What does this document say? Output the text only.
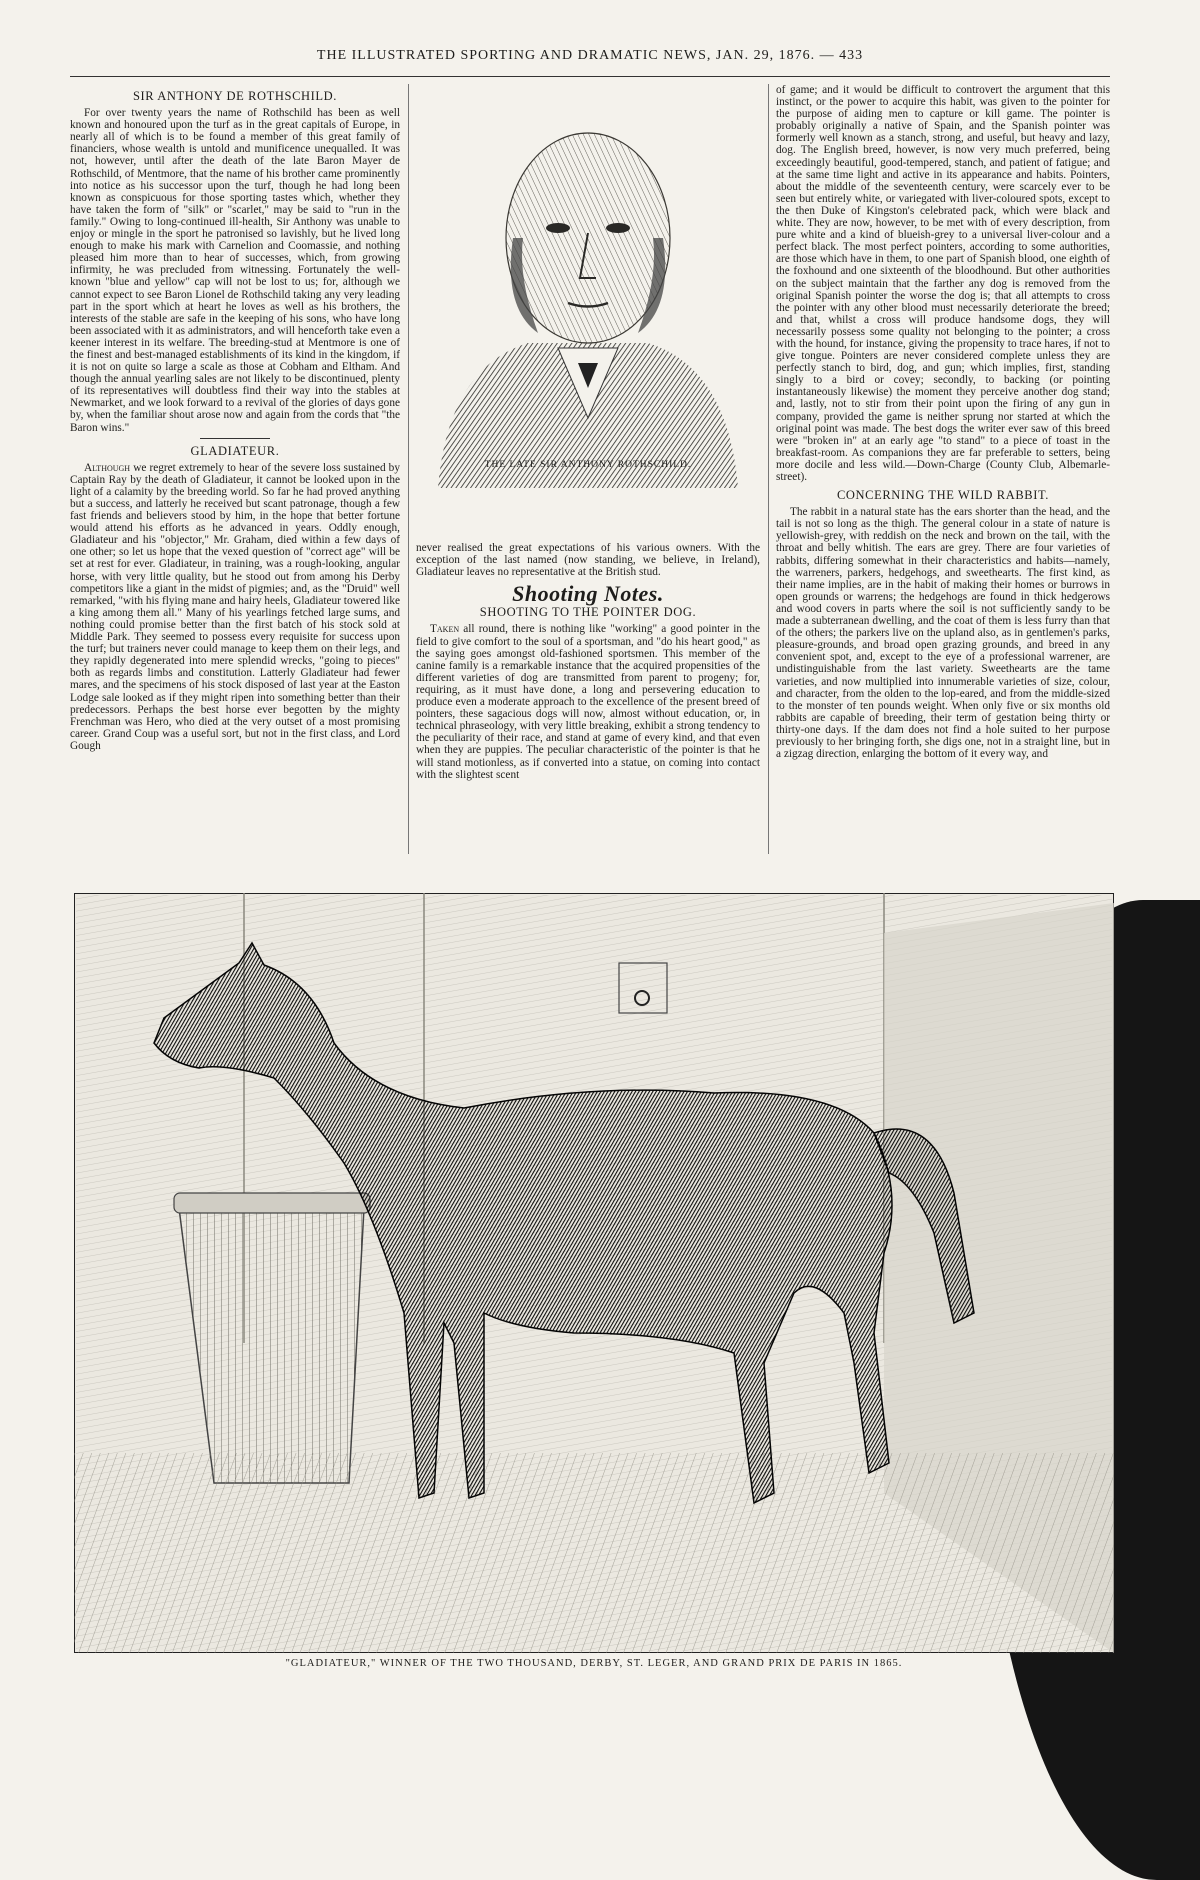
THE ILLUSTRATED SPORTING AND DRAMATIC NEWS, JAN. 29, 1876. — 433
SIR ANTHONY DE ROTHSCHILD.

For over twenty years the name of Rothschild has been as well known and honoured upon the turf as in the great capitals of Europe, in nearly all of which is to be found a member of this great family of financiers, whose wealth is untold and munificence unequalled. It was not, however, until after the death of the late Baron Mayer de Rothschild, of Mentmore, that the name of his brother came prominently into notice as his successor upon the turf, though he had long been known as conspicuous for those sporting tastes which, whether they have taken the form of "silk" or "scarlet," may be said to "run in the family." Owing to long-continued ill-health, Sir Anthony was unable to enjoy or mingle in the sport he patronised so lavishly, but he lived long enough to make his mark with Carnelion and Coomassie, and nothing pleased him more than to hear of successes, which, from growing infirmity, he was precluded from witnessing. Fortunately the well-known "blue and yellow" cap will not be lost to us; for, although we cannot expect to see Baron Lionel de Rothschild taking any very leading part in the sport which at heart he loves as well as his brothers, the interests of the stable are safe in the keeping of his sons, who have long been associated with it as administrators, and will henceforth take even a keener interest in its welfare. The breeding-stud at Mentmore is one of the finest and best-managed establishments of its kind in the kingdom, if it is not on quite so large a scale as those at Cobham and Eltham. And though the annual yearling sales are not likely to be discontinued, plenty of its representatives will doubtless find their way into the stables at Newmarket, and we look forward to a revival of the glories of days gone by, when the familiar shout arose now and again from the cords that "the Baron wins."

GLADIATEUR.

Although we regret extremely to hear of the severe loss sustained by Captain Ray by the death of Gladiateur, it cannot be looked upon in the light of a calamity by the breeding world. So far he had proved anything but a success, and latterly he received but scant patronage, though a few fast friends and believers stood by him, in the hope that better fortune would attend his efforts as he advanced in years. Oddly enough, Gladiateur and his "objector," Mr. Graham, died within a few days of one other; so let us hope that the vexed question of "correct age" will be set at rest for ever. Gladiateur, in training, was a rough-looking, angular horse, with very little quality, but he stood out from among his Derby competitors like a giant in the midst of pigmies; and, as the "Druid" well remarked, "with his flying mane and hairy heels, Gladiateur towered like a king among them all." Many of his yearlings fetched large sums, and nothing could promise better than the first batch of his stock sold at Middle Park. They seemed to possess every requisite for success upon the turf; but trainers never could manage to keep them on their legs, and they rapidly degenerated into mere splendid wrecks, "going to pieces" both as regards limbs and constitution. Latterly Gladiateur had fewer mares, and the specimens of his stock disposed of last year at the Easton Lodge sale looked as if they might ripen into something better than their predecessors. Perhaps the best horse ever begotten by the mighty Frenchman was Hero, who died at the very outset of a most promising career. Grand Coup was a useful sort, but not in the first class, and Lord Gough

THE LATE SIR ANTHONY ROTHSCHILD.

never realised the great expectations of his various owners. With the exception of the last named (now standing, we believe, in Ireland), Gladiateur leaves no representative at the British stud.

Shooting Notes.
SHOOTING TO THE POINTER DOG.

Taken all round, there is nothing like "working" a good pointer in the field to give comfort to the soul of a sportsman, and "do his heart good," as the saying goes amongst old-fashioned sportsmen. This member of the canine family is a remarkable instance that the acquired propensities of the different varieties of dog are transmitted from parent to progeny; for, requiring, as it must have done, a long and persevering education to produce even a moderate approach to the excellence of the present breed of pointers, these sagacious dogs will now, almost without education, or, in technical phraseology, with very little breaking, exhibit a strong tendency to the peculiarity of their race, and stand at game of every kind, and that even when they are puppies. The peculiar characteristic of the pointer is that he will stand motionless, as if converted into a statue, on coming into contact with the slightest scent

of game; and it would be difficult to controvert the argument that this instinct, or the power to acquire this habit, was given to the pointer for the purpose of aiding men to capture or kill game. The pointer is probably originally a native of Spain, and the Spanish pointer was formerly well known as a stanch, strong, and useful, but heavy and lazy, dog. The English breed, however, is now very much preferred, being exceedingly beautiful, good-tempered, stanch, and patient of fatigue; and at the same time light and active in its appearance and habits. Pointers, about the middle of the seventeenth century, were scarcely ever to be seen but entirely white, or variegated with liver-coloured spots, except to the then Duke of Kingston's celebrated pack, which were black and white. They are now, however, to be met with of every description, from pure white and a kind of blueish-grey to a universal liver-colour and a perfect black. The most perfect pointers, according to some authorities, are those which have in them, to one part of Spanish blood, one eighth of the foxhound and one sixteenth of the bloodhound. But other authorities on the subject maintain that the farther any dog is removed from the original Spanish pointer the worse the dog is; that all attempts to cross the pointer with any other blood must necessarily deteriorate the breed; and that, whilst a cross will produce handsome dogs, they will necessarily possess some quality not belonging to the pointer; a cross with the hound, for instance, giving the propensity to trace hares, if not to give tongue. Pointers are never considered complete unless they are perfectly stanch to bird, dog, and gun; which implies, first, standing singly to a bird or covey; secondly, to backing (or pointing instantaneously likewise) the moment they perceive another dog stand; and, lastly, not to stir from their point upon the firing of any gun in company, provided the game is neither sprung nor started at which the original point was made. The best dogs the writer ever saw of this breed were "broken in" at an early age "to stand" to a piece of toast in the breakfast-room. As companions they are far preferable to setters, being more docile and less wild.—Down-Charge (County Club, Albemarle-street).

CONCERNING THE WILD RABBIT.

The rabbit in a natural state has the ears shorter than the head, and the tail is not so long as the thigh. The general colour in a state of nature is yellowish-grey, with reddish on the neck and brown on the tail, with the throat and belly whitish. The ears are grey. There are four varieties of rabbits, differing somewhat in their characteristics and habits—namely, the warreners, parkers, hedgehogs, and sweethearts. The first kind, as their name implies, are in the habit of making their homes or burrows in open grounds or warrens; the hedgehogs are found in thick hedgerows and wood covers in parts where the soil is not sufficiently sandy to be made a subterranean dwelling, and the coat of them is less furry than that of the others; the parkers live on the upland also, as in gentlemen's parks, pleasure-grounds, and broad open grazing grounds, and breed in any convenient spot, and, except to the eye of a professional warrener, are undistinguishable from the last variety. Sweethearts are the tame varieties, and now multiplied into innumerable varieties of size, colour, and character, from the olden to the lop-eared, and from the middle-sized to the monster of ten pounds weight. When only five or six months old rabbits are capable of breeding, their term of gestation being thirty or thirty-one days. If the dam does not find a hole suited to her purpose previously to her bringing forth, she digs one, not in a straight line, but in a zigzag direction, enlarging the bottom of it every way, and

"GLADIATEUR," WINNER OF THE TWO THOUSAND, DERBY, ST. LEGER, AND GRAND PRIX DE PARIS IN 1865.
